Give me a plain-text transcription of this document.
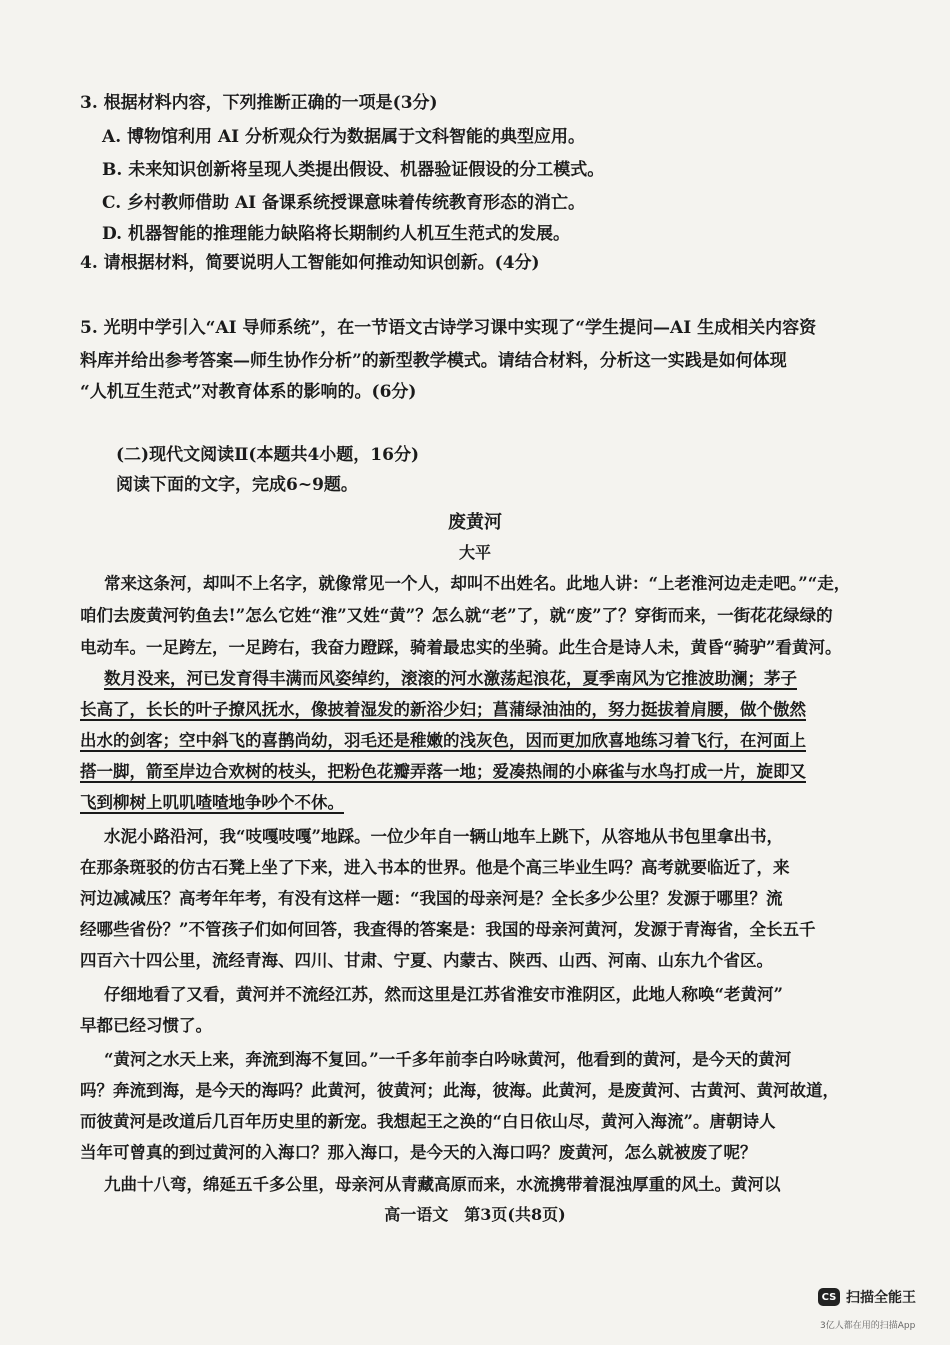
3. 根据材料内容，下列推断正确的一项是(3分)
A. 博物馆利用 AI 分析观众行为数据属于文科智能的典型应用。
B. 未来知识创新将呈现人类提出假设、机器验证假设的分工模式。
C. 乡村教师借助 AI 备课系统授课意味着传统教育形态的消亡。
D. 机器智能的推理能力缺陷将长期制约人机互生范式的发展。
4. 请根据材料，简要说明人工智能如何推动知识创新。(4分)
5. 光明中学引入“AI 导师系统”，在一节语文古诗学习课中实现了“学生提问—AI 生成相关内容资
料库并给出参考答案—师生协作分析”的新型教学模式。请结合材料，分析这一实践是如何体现
“人机互生范式”对教育体系的影响的。(6分)
(二)现代文阅读Ⅱ(本题共4小题，16分)
阅读下面的文字，完成6~9题。
废黄河
大平
常来这条河，却叫不上名字，就像常见一个人，却叫不出姓名。此地人讲：“上老淮河边走走吧。”“走，
咱们去废黄河钓鱼去!”怎么它姓“淮”又姓“黄”？怎么就“老”了，就“废”了？穿街而来，一街花花绿绿的
电动车。一足跨左，一足跨右，我奋力蹬踩，骑着最忠实的坐骑。此生合是诗人未，黄昏“骑驴”看黄河。
数月没来，河已发育得丰满而风姿绰约，滚滚的河水激荡起浪花，夏季南风为它推波助澜；茅子
长高了，长长的叶子撩风抚水，像披着湿发的新浴少妇；菖蒲绿油油的，努力挺拔着肩腰，做个傲然
出水的剑客；空中斜飞的喜鹊尚幼，羽毛还是稚嫩的浅灰色，因而更加欣喜地练习着飞行，在河面上
搭一脚，箭至岸边合欢树的枝头，把粉色花瓣弄落一地；爱凑热闹的小麻雀与水鸟打成一片，旋即又
飞到柳树上叽叽喳喳地争吵个不休。
水泥小路沿河，我“吱嘎吱嘎”地踩。一位少年自一辆山地车上跳下，从容地从书包里拿出书，
在那条斑驳的仿古石凳上坐了下来，进入书本的世界。他是个高三毕业生吗？高考就要临近了，来
河边减减压？高考年年考，有没有这样一题：“我国的母亲河是？全长多少公里？发源于哪里？流
经哪些省份？”不管孩子们如何回答，我查得的答案是：我国的母亲河黄河，发源于青海省，全长五千
四百六十四公里，流经青海、四川、甘肃、宁夏、内蒙古、陕西、山西、河南、山东九个省区。
仔细地看了又看，黄河并不流经江苏，然而这里是江苏省淮安市淮阴区，此地人称唤“老黄河”
早都已经习惯了。
“黄河之水天上来，奔流到海不复回。”一千多年前李白吟咏黄河，他看到的黄河，是今天的黄河
吗？奔流到海，是今天的海吗？此黄河，彼黄河；此海，彼海。此黄河，是废黄河、古黄河、黄河故道，
而彼黄河是改道后几百年历史里的新宠。我想起王之涣的“白日依山尽，黄河入海流”。唐朝诗人
当年可曾真的到过黄河的入海口？那入海口，是今天的入海口吗？废黄河，怎么就被废了呢？
九曲十八弯，绵延五千多公里，母亲河从青藏高原而来，水流携带着混浊厚重的风土。黄河以
高一语文　第3页(共8页)
CS 扫描全能王
3亿人都在用的扫描App
